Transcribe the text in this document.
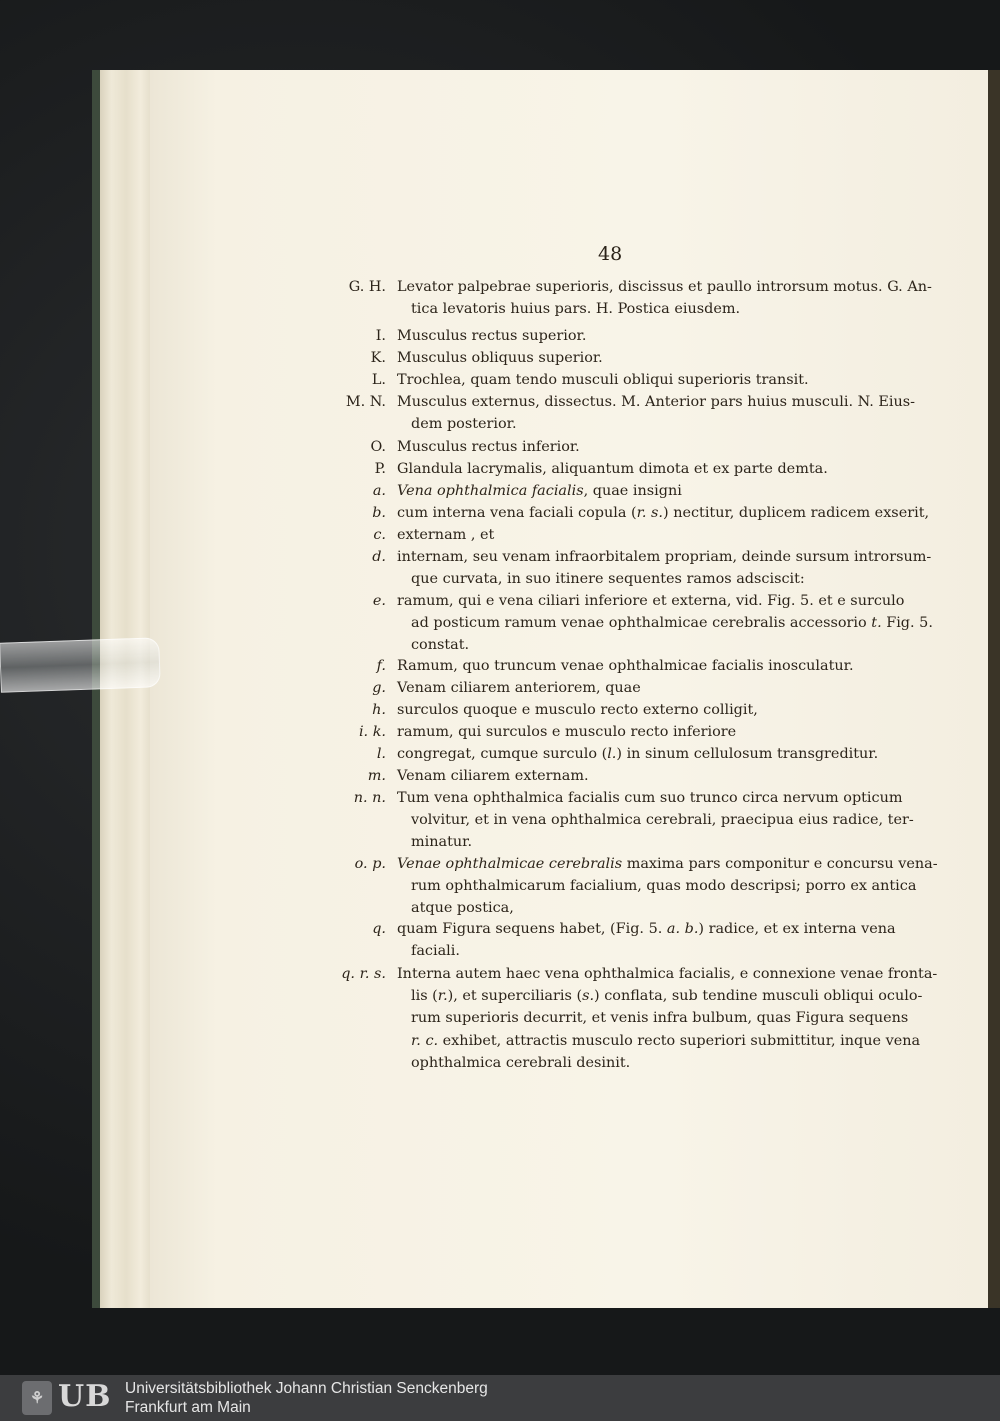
48
G. H. Levator palpebrae superioris, discissus et paullo introrsum motus. G. An-
tica levatoris huius pars. H. Postica eiusdem.
I. Musculus rectus superior.
K. Musculus obliquus superior.
L. Trochlea, quam tendo musculi obliqui superioris transit.
M. N. Musculus externus, dissectus. M. Anterior pars huius musculi. N. Eius-
dem posterior.
O. Musculus rectus inferior.
P. Glandula lacrymalis, aliquantum dimota et ex parte demta.
a. Vena ophthalmica facialis, quae insigni
b. cum interna vena faciali copula (r. s.) nectitur, duplicem radicem exserit,
c. externam , et
d. internam, seu venam infraorbitalem propriam, deinde sursum introrsum-
que curvata, in suo itinere sequentes ramos adsciscit:
e. ramum, qui e vena ciliari inferiore et externa, vid. Fig. 5. et e surculo
ad posticum ramum venae ophthalmicae cerebralis accessorio t. Fig. 5.
constat.
f. Ramum, quo truncum venae ophthalmicae facialis inosculatur.
g. Venam ciliarem anteriorem, quae
h. surculos quoque e musculo recto externo colligit,
i. k. ramum, qui surculos e musculo recto inferiore
l. congregat, cumque surculo (l.) in sinum cellulosum transgreditur.
m. Venam ciliarem externam.
n. n. Tum vena ophthalmica facialis cum suo trunco circa nervum opticum
volvitur, et in vena ophthalmica cerebrali, praecipua eius radice, ter-
minatur.
o. p. Venae ophthalmicae cerebralis maxima pars componitur e concursu vena-
rum ophthalmicarum facialium, quas modo descripsi; porro ex antica
atque postica,
q. quam Figura sequens habet, (Fig. 5. a. b.) radice, et ex interna vena
faciali.
q. r. s. Interna autem haec vena ophthalmica facialis, e connexione venae fronta-
lis (r.), et superciliaris (s.) conflata, sub tendine musculi obliqui oculo-
rum superioris decurrit, et venis infra bulbum, quas Figura sequens
r. c. exhibet, attractis musculo recto superiori submittitur, inque vena
ophthalmica cerebrali desinit.
⚘ UB Universitätsbibliothek Johann Christian Senckenberg
Frankfurt am Main
